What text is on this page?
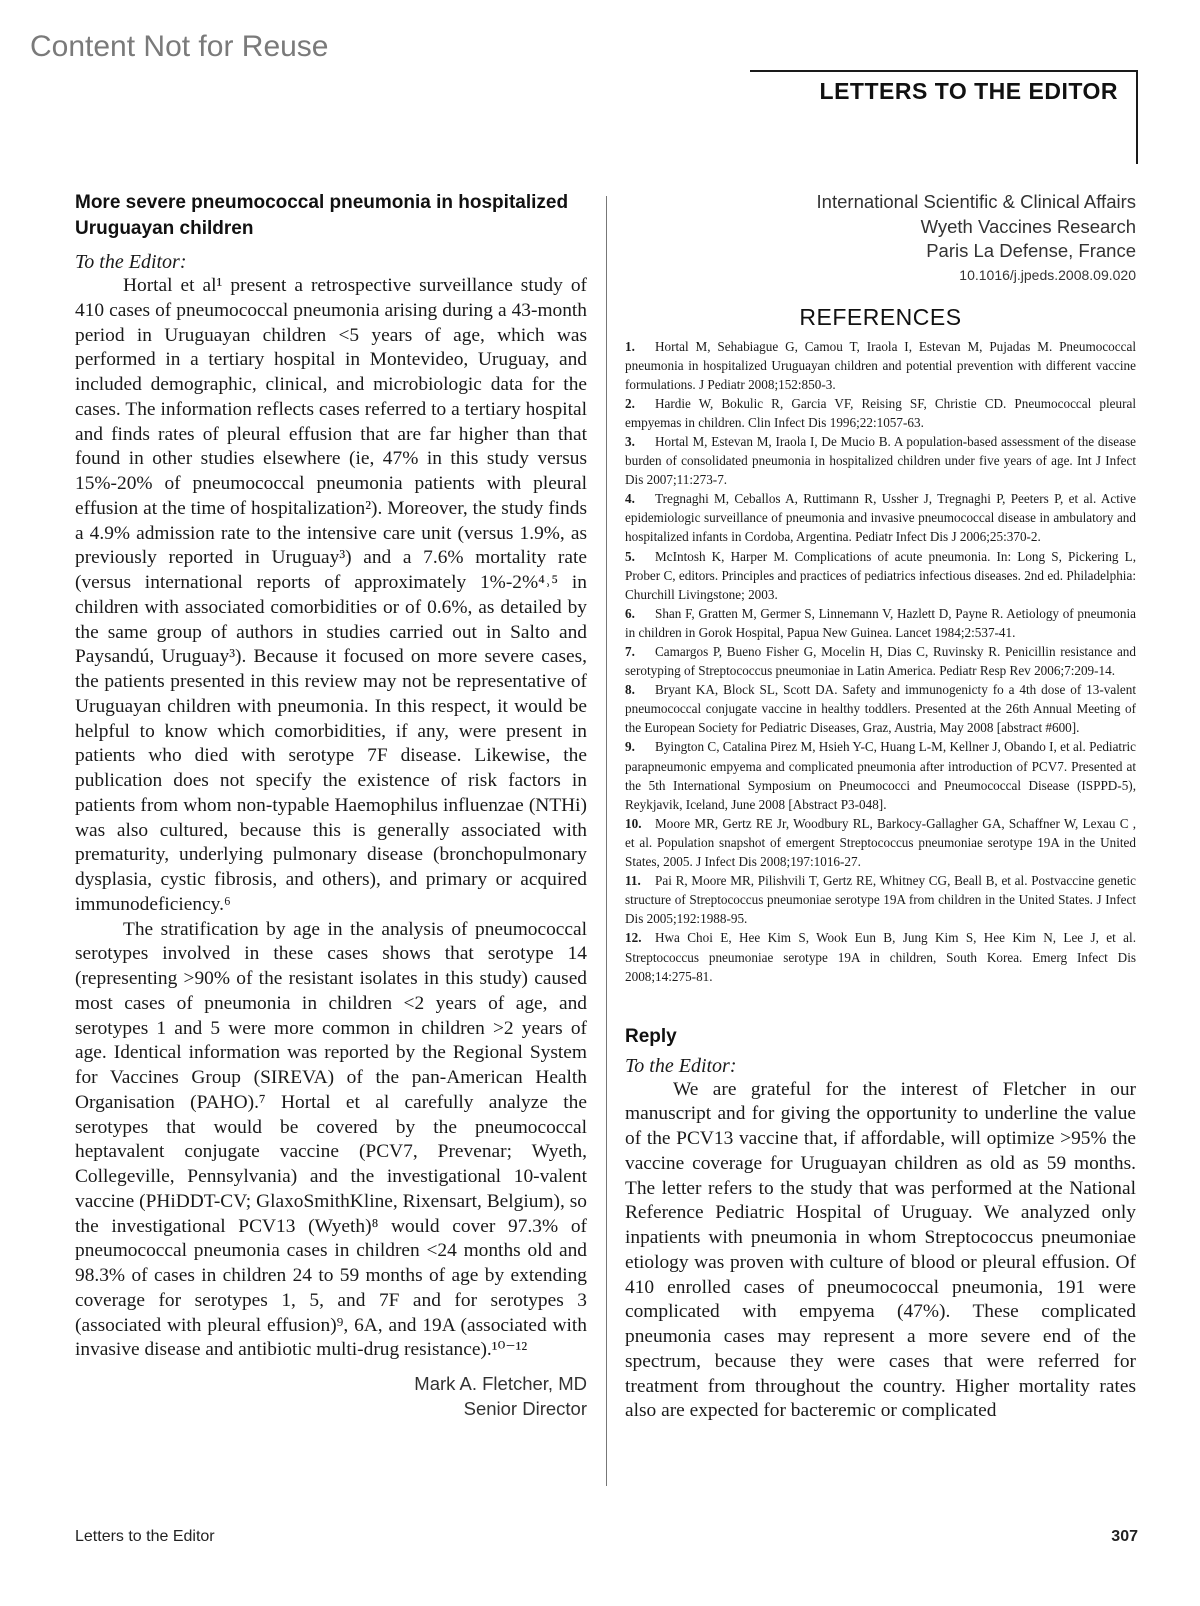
Content Not for Reuse
LETTERS TO THE EDITOR
More severe pneumococcal pneumonia in hospitalized Uruguayan children

To the Editor:

Hortal et al¹ present a retrospective surveillance study of 410 cases of pneumococcal pneumonia arising during a 43-month period in Uruguayan children <5 years of age, which was performed in a tertiary hospital in Montevideo, Uruguay, and included demographic, clinical, and microbiologic data for the cases. The information reflects cases referred to a tertiary hospital and finds rates of pleural effusion that are far higher than that found in other studies elsewhere (ie, 47% in this study versus 15%-20% of pneumococcal pneumonia patients with pleural effusion at the time of hospitalization²). Moreover, the study finds a 4.9% admission rate to the intensive care unit (versus 1.9%, as previously reported in Uruguay³) and a 7.6% mortality rate (versus international reports of approximately 1%-2%⁴˒⁵ in children with associated comorbidities or of 0.6%, as detailed by the same group of authors in studies carried out in Salto and Paysandú, Uruguay³). Because it focused on more severe cases, the patients presented in this review may not be representative of Uruguayan children with pneumonia. In this respect, it would be helpful to know which comorbidities, if any, were present in patients who died with serotype 7F disease. Likewise, the publication does not specify the existence of risk factors in patients from whom non-typable Haemophilus influenzae (NTHi) was also cultured, because this is generally associated with prematurity, underlying pulmonary disease (bronchopulmonary dysplasia, cystic fibrosis, and others), and primary or acquired immunodeficiency.⁶

The stratification by age in the analysis of pneumococcal serotypes involved in these cases shows that serotype 14 (representing >90% of the resistant isolates in this study) caused most cases of pneumonia in children <2 years of age, and serotypes 1 and 5 were more common in children >2 years of age. Identical information was reported by the Regional System for Vaccines Group (SIREVA) of the pan-American Health Organisation (PAHO).⁷ Hortal et al carefully analyze the serotypes that would be covered by the pneumococcal heptavalent conjugate vaccine (PCV7, Prevenar; Wyeth, Collegeville, Pennsylvania) and the investigational 10-valent vaccine (PHiDDT-CV; GlaxoSmithKline, Rixensart, Belgium), so the investigational PCV13 (Wyeth)⁸ would cover 97.3% of pneumococcal pneumonia cases in children <24 months old and 98.3% of cases in children 24 to 59 months of age by extending coverage for serotypes 1, 5, and 7F and for serotypes 3 (associated with pleural effusion)⁹, 6A, and 19A (associated with invasive disease and antibiotic multi-drug resistance).¹⁰⁻¹²

Mark A. Fletcher, MD
Senior Director
International Scientific & Clinical Affairs
Wyeth Vaccines Research
Paris La Defense, France
10.1016/j.jpeds.2008.09.020
REFERENCES
1. Hortal M, Sehabiague G, Camou T, Iraola I, Estevan M, Pujadas M. Pneumococcal pneumonia in hospitalized Uruguayan children and potential prevention with different vaccine formulations. J Pediatr 2008;152:850-3.
2. Hardie W, Bokulic R, Garcia VF, Reising SF, Christie CD. Pneumococcal pleural empyemas in children. Clin Infect Dis 1996;22:1057-63.
3. Hortal M, Estevan M, Iraola I, De Mucio B. A population-based assessment of the disease burden of consolidated pneumonia in hospitalized children under five years of age. Int J Infect Dis 2007;11:273-7.
4. Tregnaghi M, Ceballos A, Ruttimann R, Ussher J, Tregnaghi P, Peeters P, et al. Active epidemiologic surveillance of pneumonia and invasive pneumococcal disease in ambulatory and hospitalized infants in Cordoba, Argentina. Pediatr Infect Dis J 2006;25:370-2.
5. McIntosh K, Harper M. Complications of acute pneumonia. In: Long S, Pickering L, Prober C, editors. Principles and practices of pediatrics infectious diseases. 2nd ed. Philadelphia: Churchill Livingstone; 2003.
6. Shan F, Gratten M, Germer S, Linnemann V, Hazlett D, Payne R. Aetiology of pneumonia in children in Gorok Hospital, Papua New Guinea. Lancet 1984;2:537-41.
7. Camargos P, Bueno Fisher G, Mocelin H, Dias C, Ruvinsky R. Penicillin resistance and serotyping of Streptococcus pneumoniae in Latin America. Pediatr Resp Rev 2006;7:209-14.
8. Bryant KA, Block SL, Scott DA. Safety and immunogenicty fo a 4th dose of 13-valent pneumococcal conjugate vaccine in healthy toddlers. Presented at the 26th Annual Meeting of the European Society for Pediatric Diseases, Graz, Austria, May 2008 [abstract #600].
9. Byington C, Catalina Pirez M, Hsieh Y-C, Huang L-M, Kellner J, Obando I, et al. Pediatric parapneumonic empyema and complicated pneumonia after introduction of PCV7. Presented at the 5th International Symposium on Pneumococci and Pneumococcal Disease (ISPPD-5), Reykjavik, Iceland, June 2008 [Abstract P3-048].
10. Moore MR, Gertz RE Jr, Woodbury RL, Barkocy-Gallagher GA, Schaffner W, Lexau C , et al. Population snapshot of emergent Streptococcus pneumoniae serotype 19A in the United States, 2005. J Infect Dis 2008;197:1016-27.
11. Pai R, Moore MR, Pilishvili T, Gertz RE, Whitney CG, Beall B, et al. Postvaccine genetic structure of Streptococcus pneumoniae serotype 19A from children in the United States. J Infect Dis 2005;192:1988-95.
12. Hwa Choi E, Hee Kim S, Wook Eun B, Jung Kim S, Hee Kim N, Lee J, et al. Streptococcus pneumoniae serotype 19A in children, South Korea. Emerg Infect Dis 2008;14:275-81.
Reply

To the Editor:

We are grateful for the interest of Fletcher in our manuscript and for giving the opportunity to underline the value of the PCV13 vaccine that, if affordable, will optimize >95% the vaccine coverage for Uruguayan children as old as 59 months. The letter refers to the study that was performed at the National Reference Pediatric Hospital of Uruguay. We analyzed only inpatients with pneumonia in whom Streptococcus pneumoniae etiology was proven with culture of blood or pleural effusion. Of 410 enrolled cases of pneumococcal pneumonia, 191 were complicated with empyema (47%). These complicated pneumonia cases may represent a more severe end of the spectrum, because they were cases that were referred for treatment from throughout the country. Higher mortality rates also are expected for bacteremic or complicated

Letters to the Editor	307
